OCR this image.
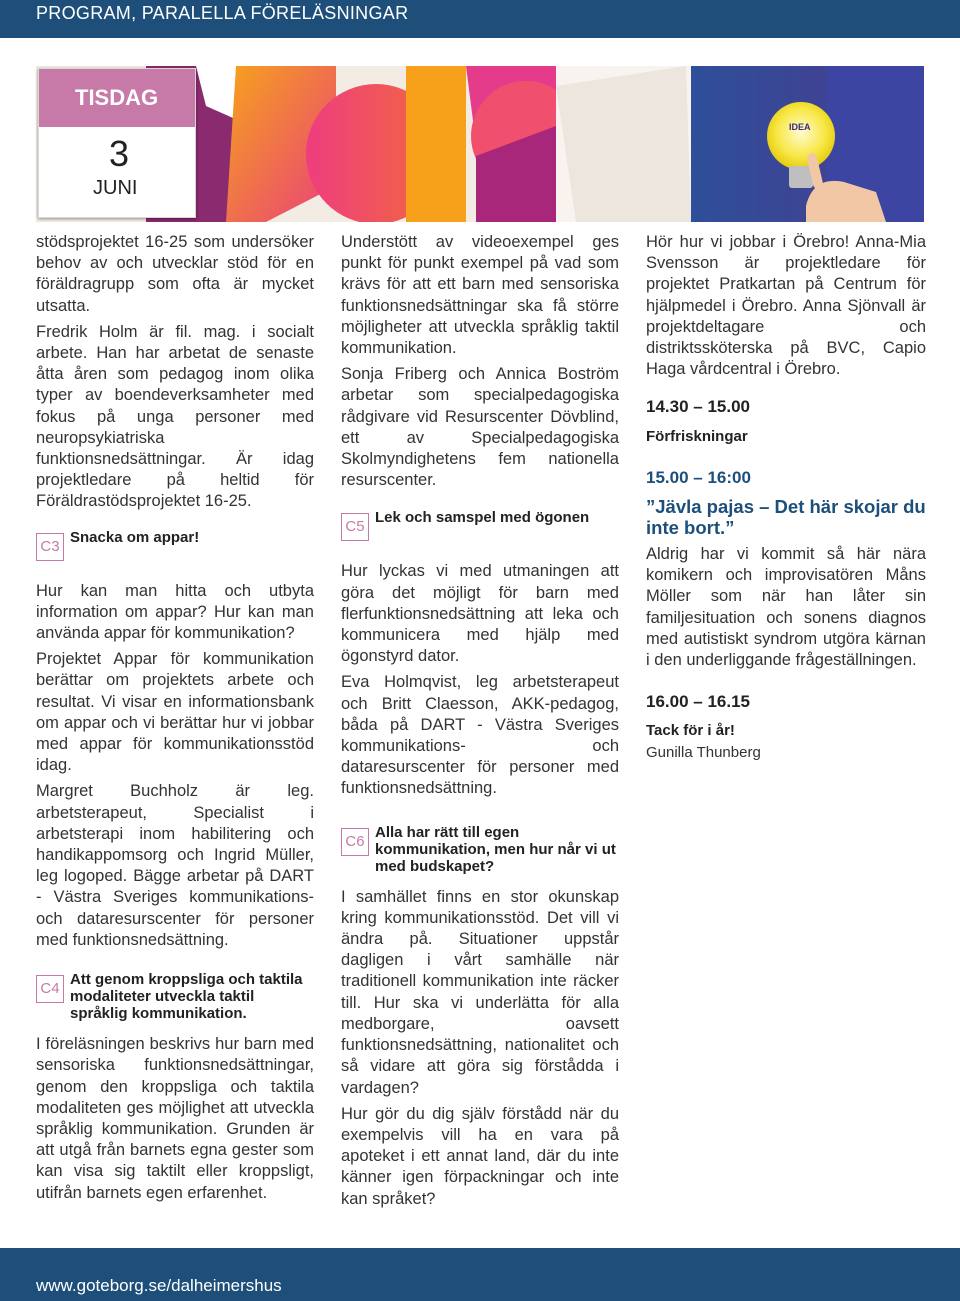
PROGRAM, PARALELLA FÖRELÄSNINGAR
IDEA
TISDAG
3
JUNI

stödsprojektet 16-25 som undersöker behov av och utvecklar stöd för en föräldragrupp som ofta är mycket utsatta.

Fredrik Holm är fil. mag. i socialt arbete. Han har arbetat de senaste åtta åren som pedagog inom olika typer av boendeverksamheter med fokus på unga personer med neuropsykiatriska funktionsnedsättningar. Är idag projektledare på heltid för Föräldrastödsprojektet 16-25.

C3
Snacka om appar!

Hur kan man hitta och utbyta information om appar? Hur kan man använda appar för kommunikation?

Projektet Appar för kommunikation berättar om projektets arbete och resultat. Vi visar en informationsbank om appar och vi berättar hur vi jobbar med appar för kommunikationsstöd idag.

Margret Buchholz är leg. arbetsterapeut, Specialist i arbetsterapi inom habilitering och handikappomsorg och Ingrid Müller, leg logoped. Bägge arbetar på DART - Västra Sveriges kommunikations- och dataresurscenter för personer med funktionsnedsättning.

C4
Att genom kroppsliga och taktila modaliteter utveckla taktil språklig kommunikation.

I föreläsningen beskrivs hur barn med sensoriska funktionsnedsättningar, genom den kroppsliga och taktila modaliteten ges möjlighet att utveckla språklig kommunikation. Grunden är att utgå från barnets egna gester som kan visa sig taktilt eller kroppsligt, utifrån barnets egen erfarenhet.

Understött av videoexempel ges punkt för punkt exempel på vad som krävs för att ett barn med sensoriska funktionsnedsättningar ska få större möjligheter att utveckla språklig taktil kommunikation.

Sonja Friberg och Annica Boström arbetar som specialpedagogiska rådgivare vid Resurscenter Dövblind, ett av Specialpedagogiska Skolmyndighetens fem nationella resurscenter.

C5
Lek och samspel med ögonen

Hur lyckas vi med utmaningen att göra det möjligt för barn med flerfunktionsnedsättning att leka och kommunicera med hjälp med ögonstyrd dator.

Eva Holmqvist, leg arbetsterapeut och Britt Claesson, AKK-pedagog, båda på DART - Västra Sveriges kommunikations- och dataresurscenter för personer med funktionsnedsättning.

C6
Alla har rätt till egen kommunikation, men hur når vi ut med budskapet?

I samhället finns en stor okunskap kring kommunikationsstöd. Det vill vi ändra på. Situationer uppstår dagligen i vårt samhälle när traditionell kommunikation inte räcker till. Hur ska vi underlätta för alla medborgare, oavsett funktionsnedsättning, nationalitet och så vidare att göra sig förstådda i vardagen?

Hur gör du dig själv förstådd när du exempelvis vill ha en vara på apoteket i ett annat land, där du inte känner igen förpackningar och inte kan språket?

Hör hur vi jobbar i Örebro! Anna-Mia Svensson är projektledare för projektet Pratkartan på Centrum för hjälpmedel i Örebro. Anna Sjönvall är projektdeltagare och distriktssköterska på BVC, Capio Haga vårdcentral i Örebro.

14.30 – 15.00
Förfriskningar
15.00 – 16:00
”Jävla pajas – Det här skojar du inte bort.”

Aldrig har vi kommit så här nära komikern och improvisatören Måns Möller som när han låter sin familjesituation och sonens diagnos med autistiskt syndrom utgöra kärnan i den underliggande frågeställningen.

16.00 – 16.15
Tack för i år!
Gunilla Thunberg
www.goteborg.se/dalheimershus
